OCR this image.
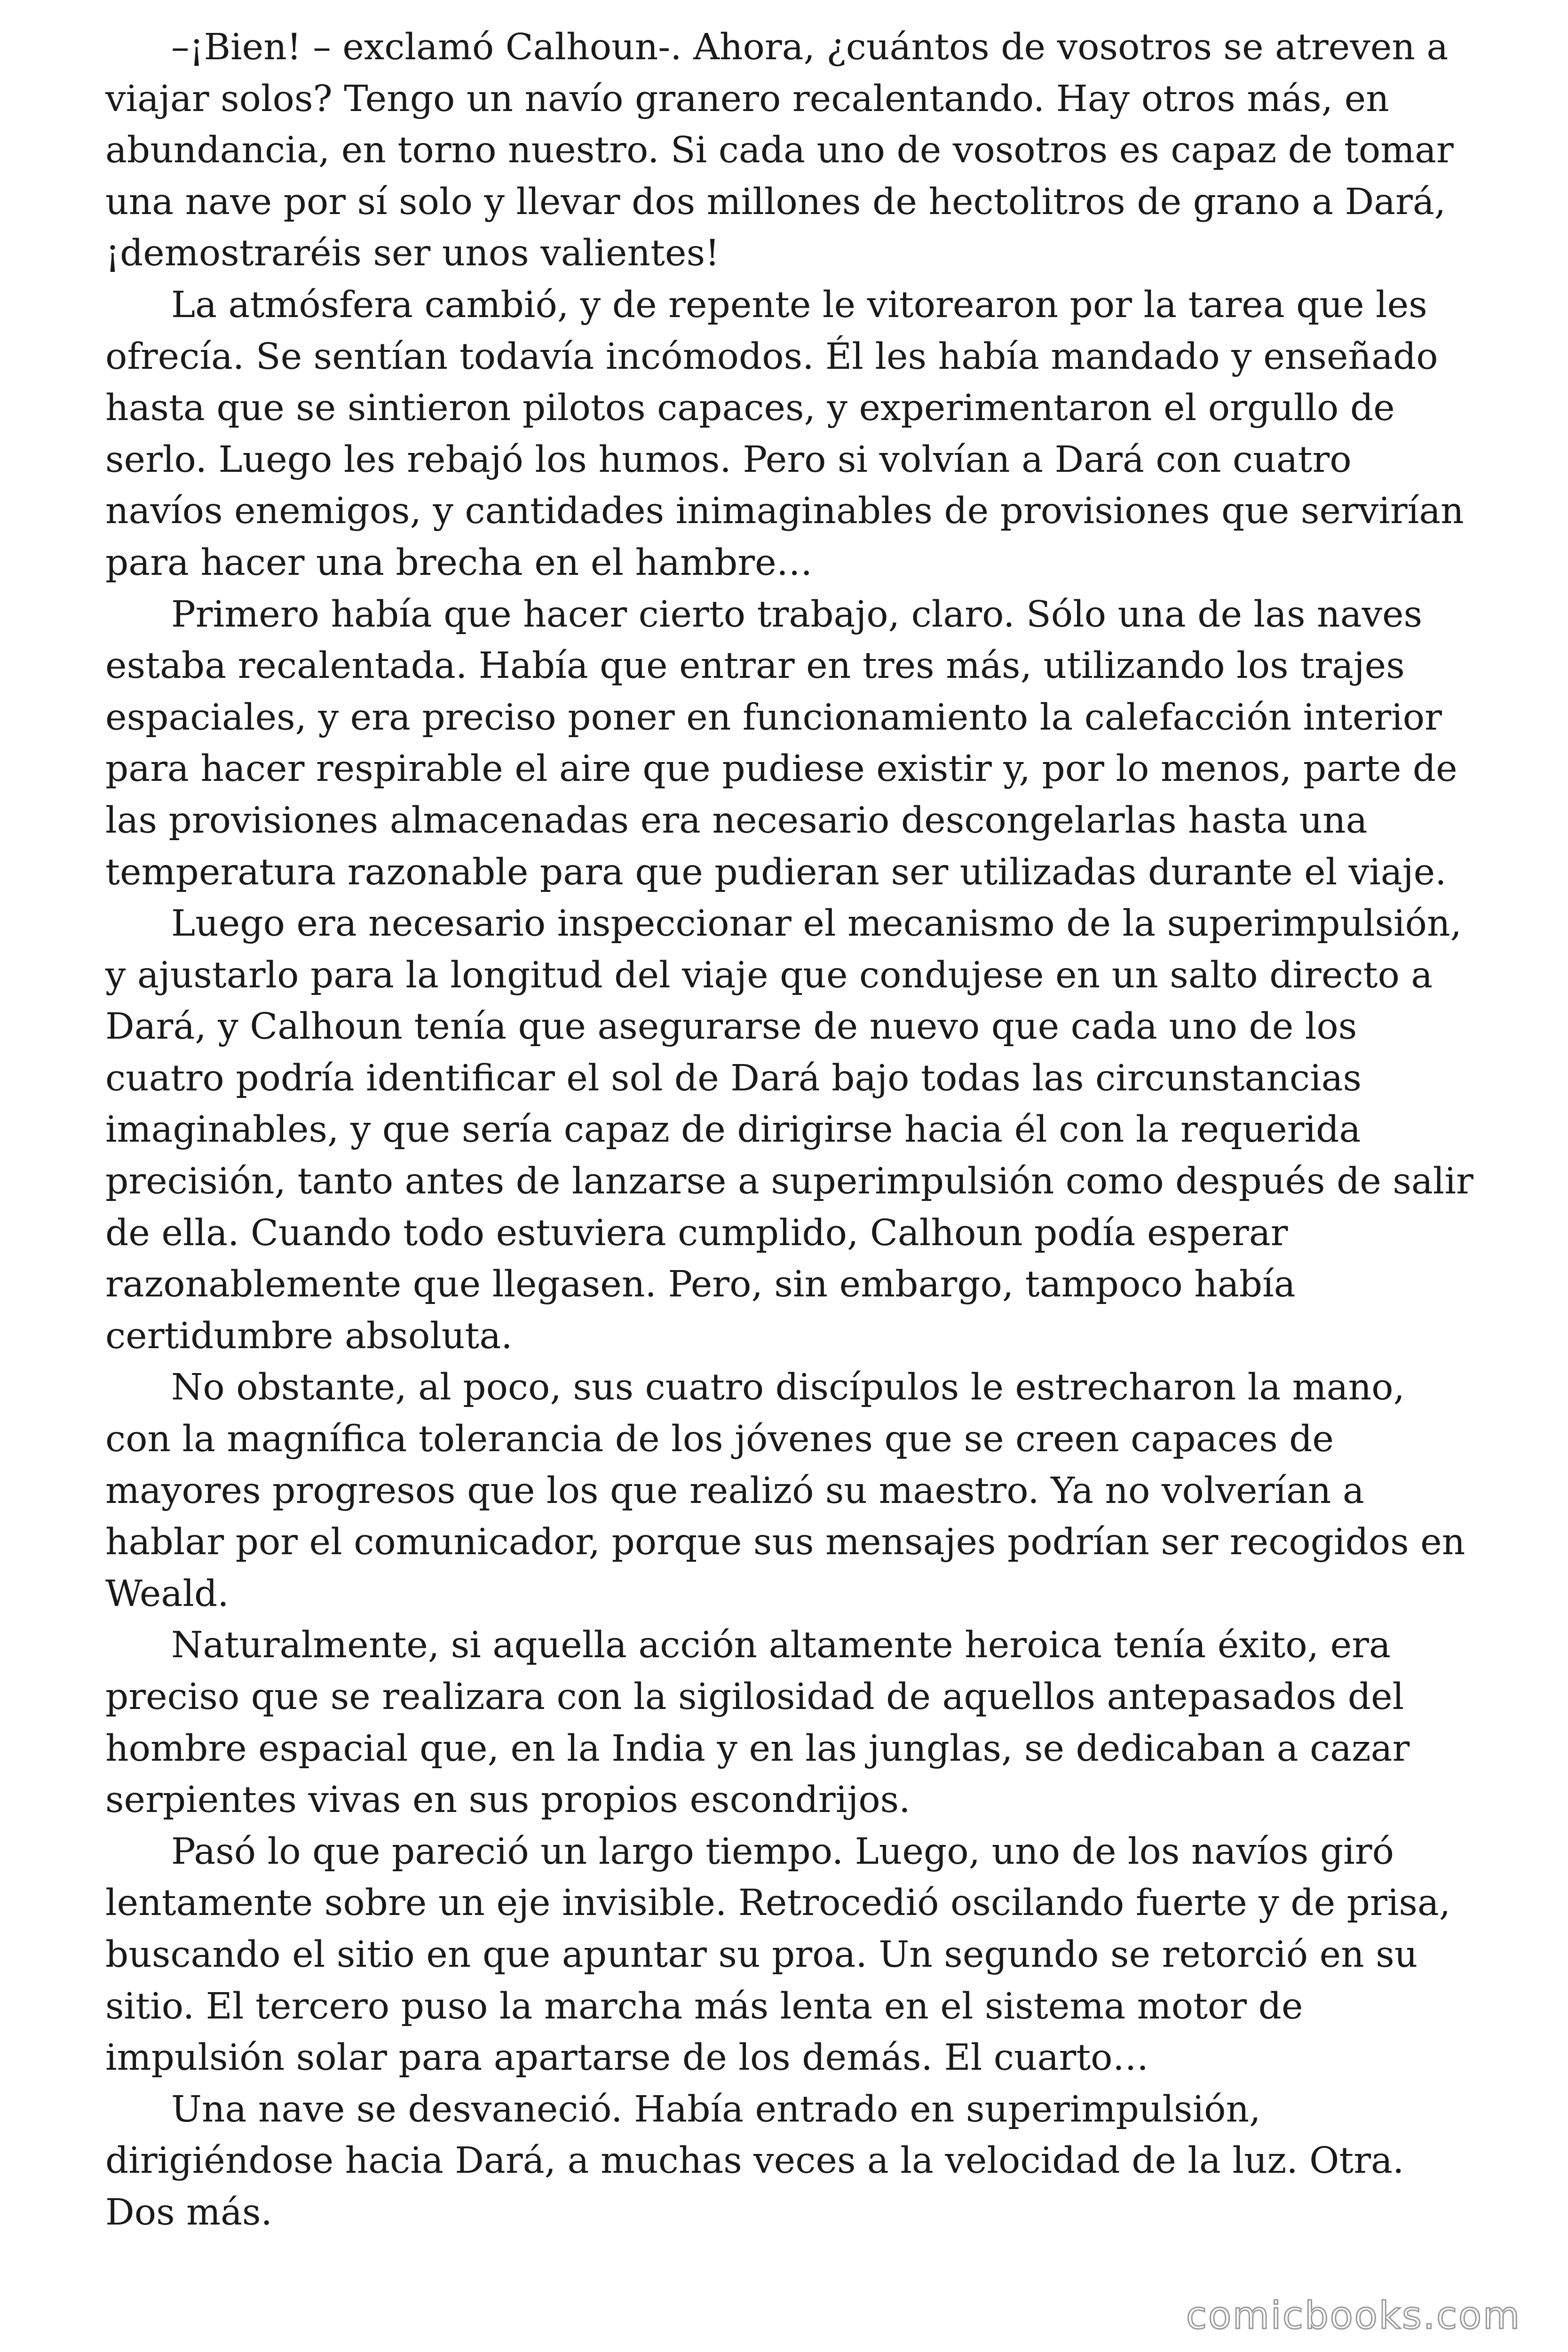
–¡Bien! – exclamó Calhoun-. Ahora, ¿cuántos de vosotros se atreven a viajar solos? Tengo un navío granero recalentando. Hay otros más, en abundancia, en torno nuestro. Si cada uno de vosotros es capaz de tomar una nave por sí solo y llevar dos millones de hectolitros de grano a Dará, ¡demostraréis ser unos valientes!

La atmósfera cambió, y de repente le vitorearon por la tarea que les ofrecía. Se sentían todavía incómodos. Él les había mandado y enseñado hasta que se sintieron pilotos capaces, y experimentaron el orgullo de serlo. Luego les rebajó los humos. Pero si volvían a Dará con cuatro navíos enemigos, y cantidades inimaginables de provisiones que servirían para hacer una brecha en el hambre…

Primero había que hacer cierto trabajo, claro. Sólo una de las naves estaba recalentada. Había que entrar en tres más, utilizando los trajes espaciales, y era preciso poner en funcionamiento la calefacción interior para hacer respirable el aire que pudiese existir y, por lo menos, parte de las provisiones almacenadas era necesario descongelarlas hasta una temperatura razonable para que pudieran ser utilizadas durante el viaje.

Luego era necesario inspeccionar el mecanismo de la superimpulsión, y ajustarlo para la longitud del viaje que condujese en un salto directo a Dará, y Calhoun tenía que asegurarse de nuevo que cada uno de los cuatro podría identificar el sol de Dará bajo todas las circunstancias imaginables, y que sería capaz de dirigirse hacia él con la requerida precisión, tanto antes de lanzarse a superimpulsión como después de salir de ella. Cuando todo estuviera cumplido, Calhoun podía esperar razonablemente que llegasen. Pero, sin embargo, tampoco había certidumbre absoluta.

No obstante, al poco, sus cuatro discípulos le estrecharon la mano, con la magnífica tolerancia de los jóvenes que se creen capaces de mayores progresos que los que realizó su maestro. Ya no volverían a hablar por el comunicador, porque sus mensajes podrían ser recogidos en Weald.

Naturalmente, si aquella acción altamente heroica tenía éxito, era preciso que se realizara con la sigilosidad de aquellos antepasados del hombre espacial que, en la India y en las junglas, se dedicaban a cazar serpientes vivas en sus propios escondrijos.

Pasó lo que pareció un largo tiempo. Luego, uno de los navíos giró lentamente sobre un eje invisible. Retrocedió oscilando fuerte y de prisa, buscando el sitio en que apuntar su proa. Un segundo se retorció en su sitio. El tercero puso la marcha más lenta en el sistema motor de impulsión solar para apartarse de los demás. El cuarto…

Una nave se desvaneció. Había entrado en superimpulsión, dirigiéndose hacia Dará, a muchas veces a la velocidad de la luz. Otra. Dos más.

comicbooks.com
